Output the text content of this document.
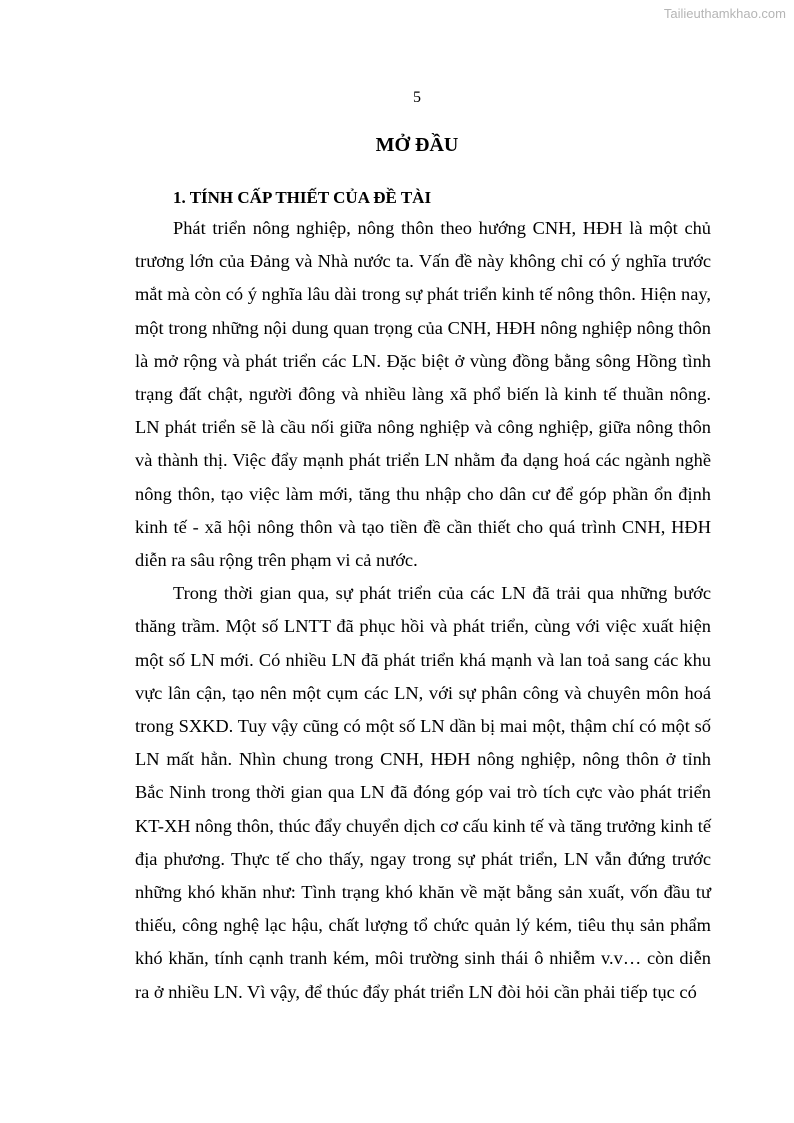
Tailieuthamkhao.com
5
MỞ ĐẦU
1. TÍNH CẤP THIẾT CỦA ĐỀ TÀI

Phát triển nông nghiệp, nông thôn theo hướng CNH, HĐH là một chủ trương lớn của Đảng và Nhà nước ta. Vấn đề này không chỉ có ý nghĩa trước mắt mà còn có ý nghĩa lâu dài trong sự phát triển kinh tế nông thôn. Hiện nay, một trong những nội dung quan trọng của CNH, HĐH nông nghiệp nông thôn là mở rộng và phát triển các LN. Đặc biệt ở vùng đồng bằng sông Hồng tình trạng đất chật, người đông và nhiều làng xã phổ biến là kinh tế thuần nông. LN phát triển sẽ là cầu nối giữa nông nghiệp và công nghiệp, giữa nông thôn và thành thị. Việc đẩy mạnh phát triển LN nhằm đa dạng hoá các ngành nghề nông thôn, tạo việc làm mới, tăng thu nhập cho dân cư để góp phần ổn định kinh tế - xã hội nông thôn và tạo tiền đề cần thiết cho quá trình CNH, HĐH diễn ra sâu rộng trên phạm vi cả nước.

Trong thời gian qua, sự phát triển của các LN đã trải qua những bước thăng trầm. Một số LNTT đã phục hồi và phát triển, cùng với việc xuất hiện một số LN mới. Có nhiều LN đã phát triển khá mạnh và lan toả sang các khu vực lân cận, tạo nên một cụm các LN, với sự phân công và chuyên môn hoá trong SXKD. Tuy vậy cũng có một số LN dần bị mai một, thậm chí có một số LN mất hẳn. Nhìn chung trong CNH, HĐH nông nghiệp, nông thôn ở tỉnh Bắc Ninh trong thời gian qua LN đã đóng góp vai trò tích cực vào phát triển KT-XH nông thôn, thúc đẩy chuyển dịch cơ cấu kinh tế và tăng trưởng kinh tế địa phương. Thực tế cho thấy, ngay trong sự phát triển, LN vẫn đứng trước những khó khăn như: Tình trạng khó khăn về mặt bằng sản xuất, vốn đầu tư thiếu, công nghệ lạc hậu, chất lượng tổ chức quản lý kém, tiêu thụ sản phẩm khó khăn, tính cạnh tranh kém, môi trường sinh thái ô nhiễm v.v… còn diễn ra ở nhiều LN. Vì vậy, để thúc đẩy phát triển LN đòi hỏi cần phải tiếp tục có
